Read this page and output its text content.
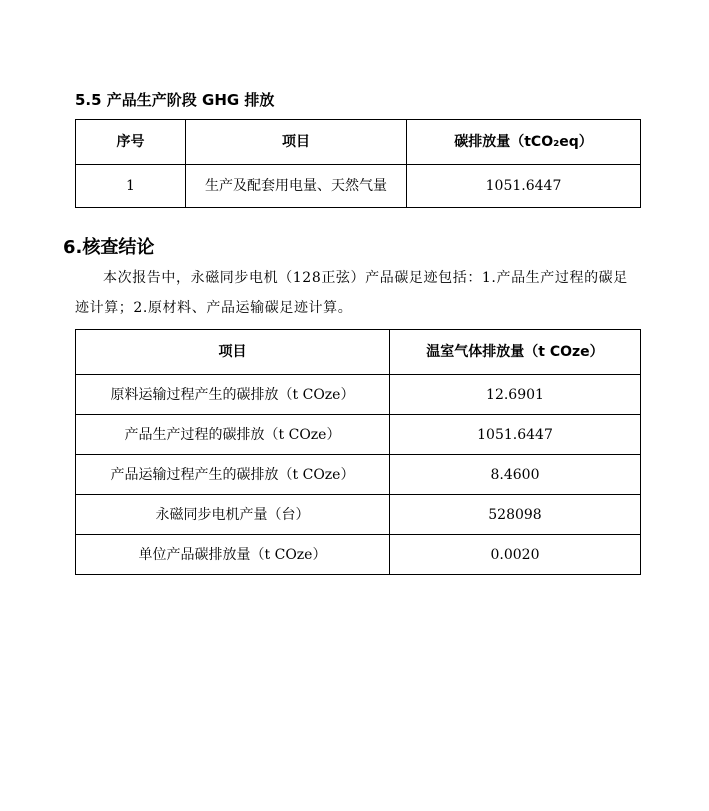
5.5 产品生产阶段 GHG 排放
序号	项目	碳排放量（tCO₂eq）
1	生产及配套用电量、天然气量	1051.6447
6.核查结论

本次报告中，永磁同步电机（128正弦）产品碳足迹包括：1.产品生产过程的碳足迹计算；2.原材料、产品运输碳足迹计算。

项目	温室气体排放量（t COze）
原料运输过程产生的碳排放（t COze）	12.6901
产品生产过程的碳排放（t COze）	1051.6447
产品运输过程产生的碳排放（t COze）	8.4600
永磁同步电机产量（台）	528098
单位产品碳排放量（t COze）	0.0020
